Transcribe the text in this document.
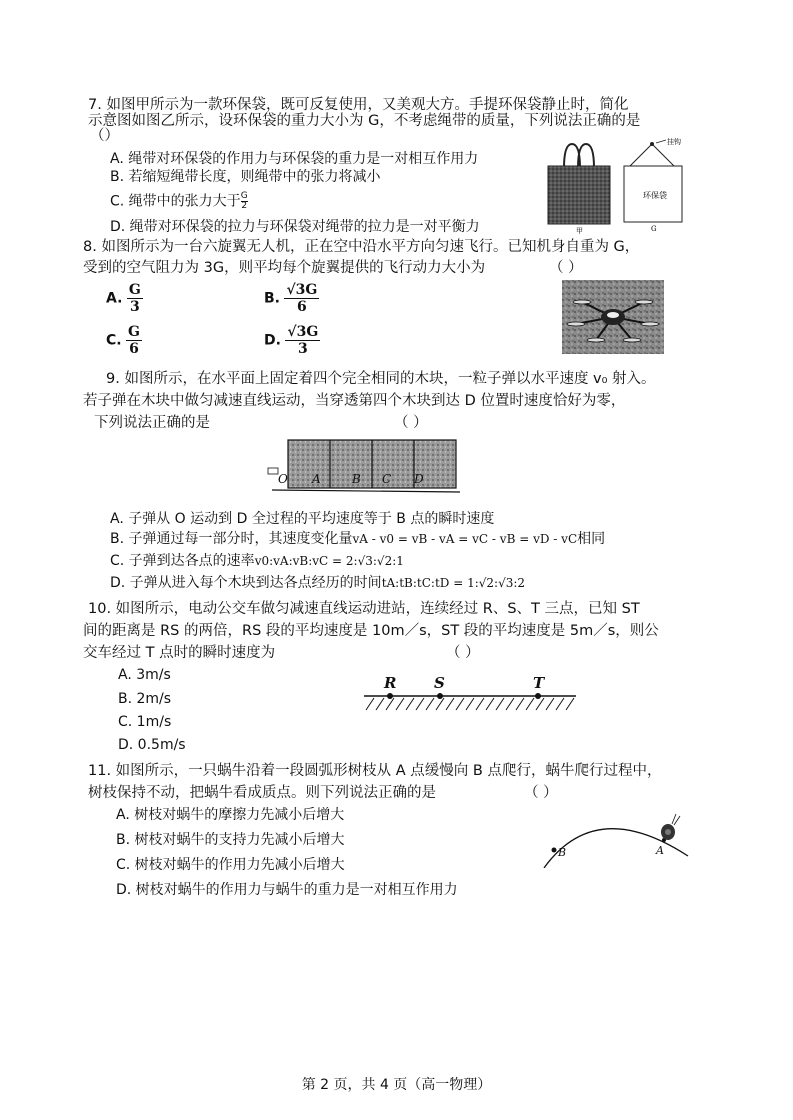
7. 如图甲所示为一款环保袋，既可反复使用，又美观大方。手提环保袋静止时，简化
示意图如图乙所示，设环保袋的重力大小为 G，不考虑绳带的质量，下列说法正确的是
（）
A. 绳带对环保袋的作用力与环保袋的重力是一对相互作用力
B. 若缩短绳带长度，则绳带中的张力将减小
C. 绳带中的张力大于 $\frac{G}{2}$
D. 绳带对环保袋的拉力与环保袋对绳带的拉力是一对平衡力	甲
挂钩
环保袋
G
8. 如图所示为一台六旋翼无人机，正在空中沿水平方向匀速飞行。已知机身自重为 G，
受到的空气阻力为 3G，则平均每个旋翼提供的飞行动力大小为	（ ）
A. $\frac{G}{3}$	B. $\frac{√3G}{6}$
C. $\frac{G}{6}$	D. $\frac{√3G}{3}$
9. 如图所示，在水平面上固定着四个完全相同的木块，一粒子弹以水平速度 v₀ 射入。
若子弹在木块中做匀减速直线运动，当穿透第四个木块到达 D 位置时速度恰好为零，
下列说法正确的是	（ ）
O A	B C D
A. 子弹从 O 运动到 D 全过程的平均速度等于 B 点的瞬时速度
B. 子弹通过每一部分时，其速度变化量vA - v0 = vB - vA = vC - vB = vD - vC相同
C. 子弹到达各点的速率v0:vA:vB:vC = 2:√3:√2:1
D. 子弹从进入每个木块到达各点经历的时间tA:tB:tC:tD = 1:√2:√3:2
10. 如图所示，电动公交车做匀减速直线运动进站，连续经过 R、S、T 三点，已知 ST
间的距离是 RS 的两倍，RS 段的平均速度是 10m／s，ST 段的平均速度是 5m／s，则公
交车经过 T 点时的瞬时速度为	（ ）
A. 3m/s
B. 2m/s
C. 1m/s
D. 0.5m/s
R	S	T
11. 如图所示，一只蜗牛沿着一段圆弧形树枝从 A 点缓慢向 B 点爬行，蜗牛爬行过程中，
树枝保持不动，把蜗牛看成质点。则下列说法正确的是	（ ）
A. 树枝对蜗牛的摩擦力先减小后增大
B. 树枝对蜗牛的支持力先减小后增大
C. 树枝对蜗牛的作用力先减小后增大
D. 树枝对蜗牛的作用力与蜗牛的重力是一对相互作用力
B	A
第 2 页，共 4 页（高一物理）
